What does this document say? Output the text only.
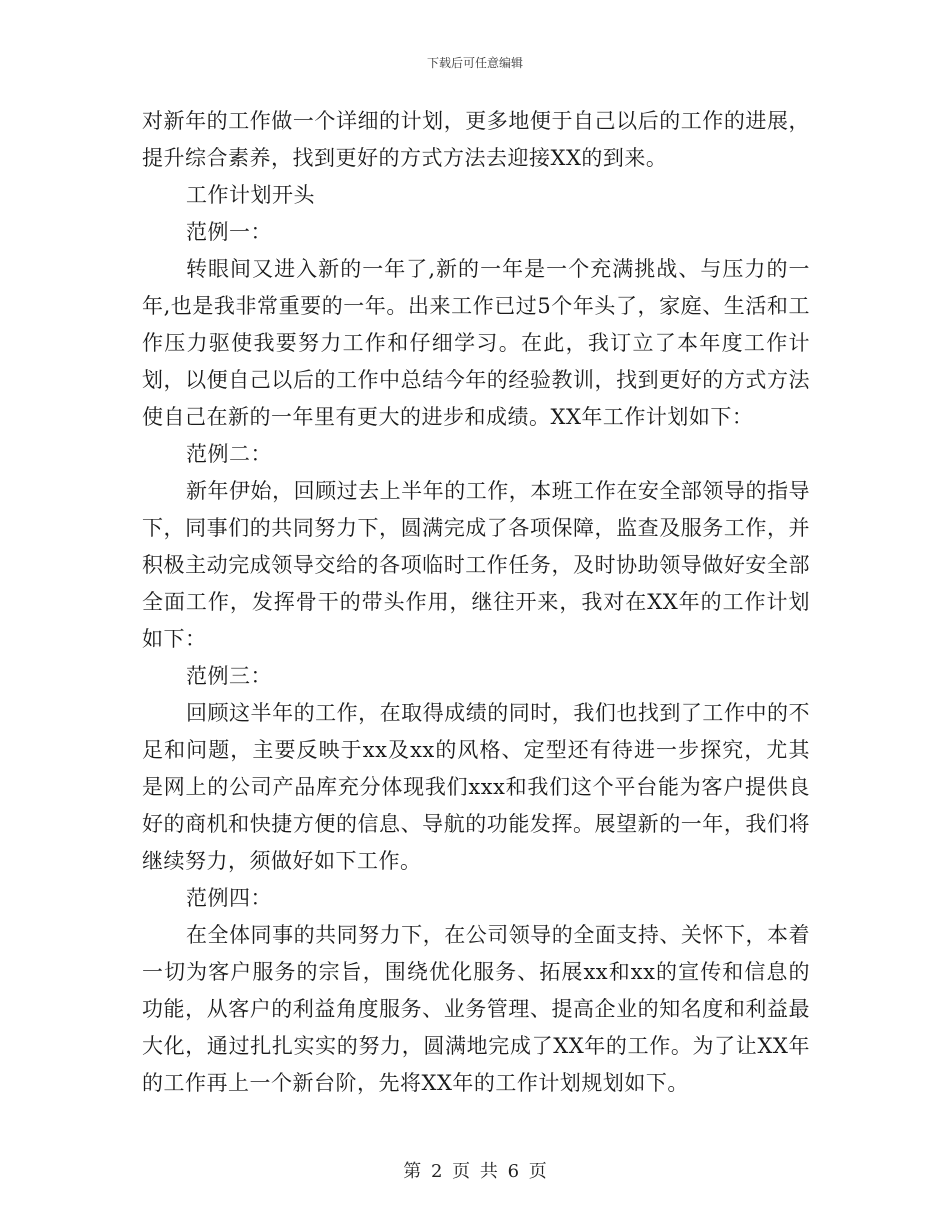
下载后可任意编辑

对新年的工作做一个详细的计划，更多地便于自己以后的工作的进展，提升综合素养，找到更好的方式方法去迎接XX的到来。

工作计划开头

范例一：

转眼间又进入新的一年了,新的一年是一个充满挑战、与压力的一年,也是我非常重要的一年。出来工作已过5个年头了，家庭、生活和工作压力驱使我要努力工作和仔细学习。在此，我订立了本年度工作计划，以便自己以后的工作中总结今年的经验教训，找到更好的方式方法使自己在新的一年里有更大的进步和成绩。XX年工作计划如下：

范例二：

新年伊始，回顾过去上半年的工作，本班工作在安全部领导的指导下，同事们的共同努力下，圆满完成了各项保障，监查及服务工作，并积极主动完成领导交给的各项临时工作任务，及时协助领导做好安全部全面工作，发挥骨干的带头作用，继往开来，我对在XX年的工作计划如下：

范例三：

回顾这半年的工作，在取得成绩的同时，我们也找到了工作中的不足和问题，主要反映于xx及xx的风格、定型还有待进一步探究，尤其是网上的公司产品库充分体现我们xxx和我们这个平台能为客户提供良好的商机和快捷方便的信息、导航的功能发挥。展望新的一年，我们将继续努力，须做好如下工作。

范例四：

在全体同事的共同努力下，在公司领导的全面支持、关怀下，本着一切为客户服务的宗旨，围绕优化服务、拓展xx和xx的宣传和信息的功能，从客户的利益角度服务、业务管理、提高企业的知名度和利益最大化，通过扎扎实实的努力，圆满地完成了XX年的工作。为了让XX年的工作再上一个新台阶，先将XX年的工作计划规划如下。

第 2 页 共 6 页
